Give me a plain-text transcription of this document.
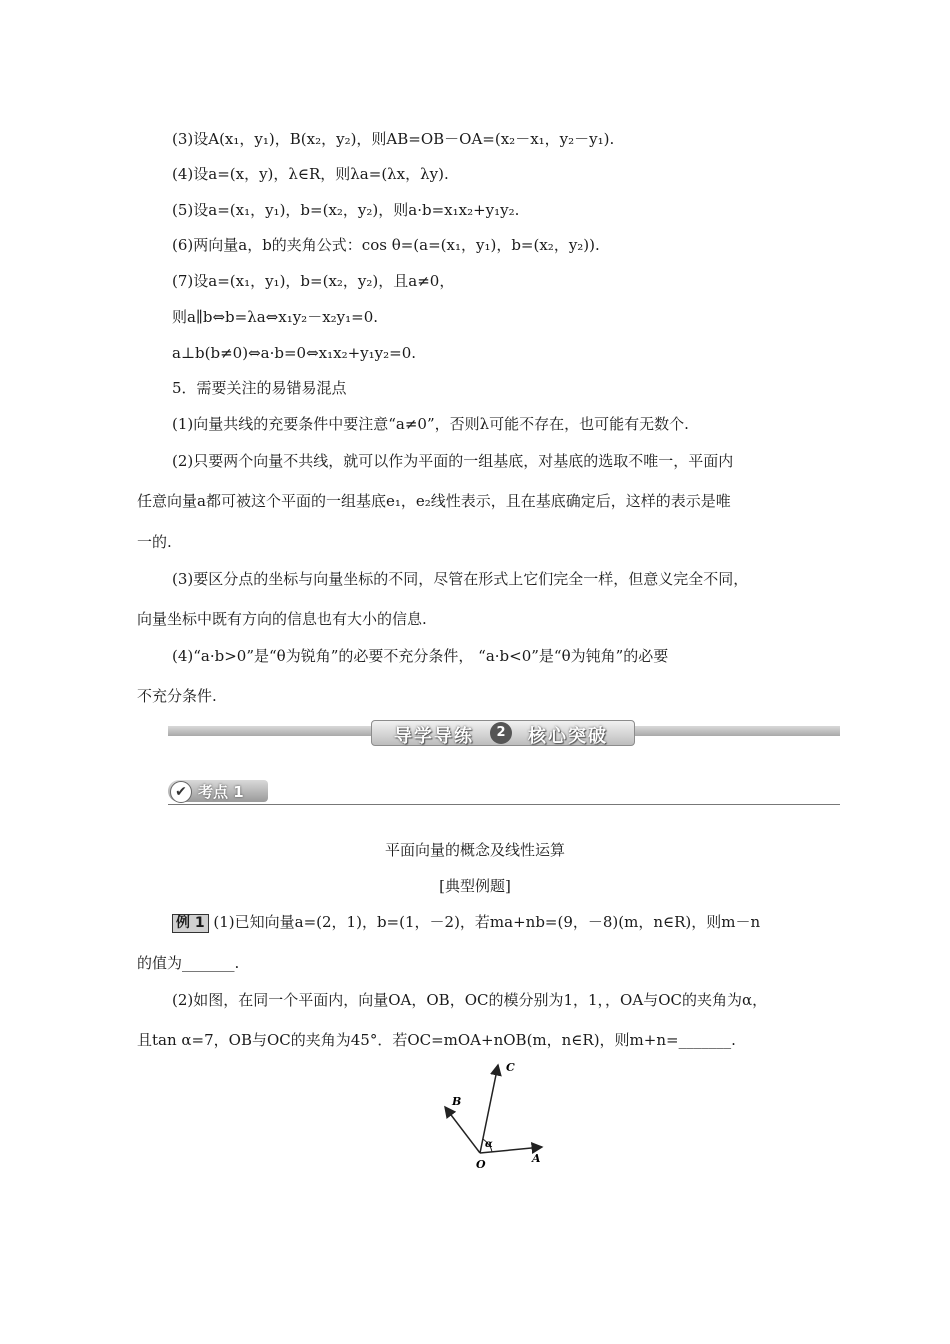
(3)设A(x₁，y₁)，B(x₂，y₂)，则AB=OB－OA=(x₂－x₁，y₂－y₁).
(4)设a=(x，y)，λ∈R，则λa=(λx，λy).
(5)设a=(x₁，y₁)，b=(x₂，y₂)，则a·b=x₁x₂+y₁y₂.
(6)两向量a，b的夹角公式：cos θ=(a=(x₁，y₁)，b=(x₂，y₂)).
(7)设a=(x₁，y₁)，b=(x₂，y₂)，且a≠0，
则a∥b⇔b=λa⇔x₁y₂－x₂y₁=0.
a⊥b(b≠0)⇔a·b=0⇔x₁x₂+y₁y₂=0.
5．需要关注的易错易混点
(1)向量共线的充要条件中要注意“a≠0”，否则λ可能不存在，也可能有无数个.
(2)只要两个向量不共线，就可以作为平面的一组基底，对基底的选取不唯一，平面内
任意向量a都可被这个平面的一组基底e₁，e₂线性表示，且在基底确定后，这样的表示是唯
一的.
(3)要区分点的坐标与向量坐标的不同，尽管在形式上它们完全一样，但意义完全不同，
向量坐标中既有方向的信息也有大小的信息.
(4)“a·b>0”是“θ为锐角”的必要不充分条件， “a·b<0”是“θ为钝角”的必要
不充分条件.
导学导练	2	核心突破
✔ 考点 1
平面向量的概念及线性运算
[典型例题]
例 1 (1)已知向量a=(2，1)，b=(1，－2)，若ma+nb=(9，－8)(m，n∈R)，则m－n
的值为_______.
(2)如图，在同一个平面内，向量OA，OB，OC的模分别为1，1，，OA与OC的夹角为α，
且tan α=7，OB与OC的夹角为45°．若OC=mOA+nOB(m，n∈R)，则m+n=_______.
O	A
B
C
α
